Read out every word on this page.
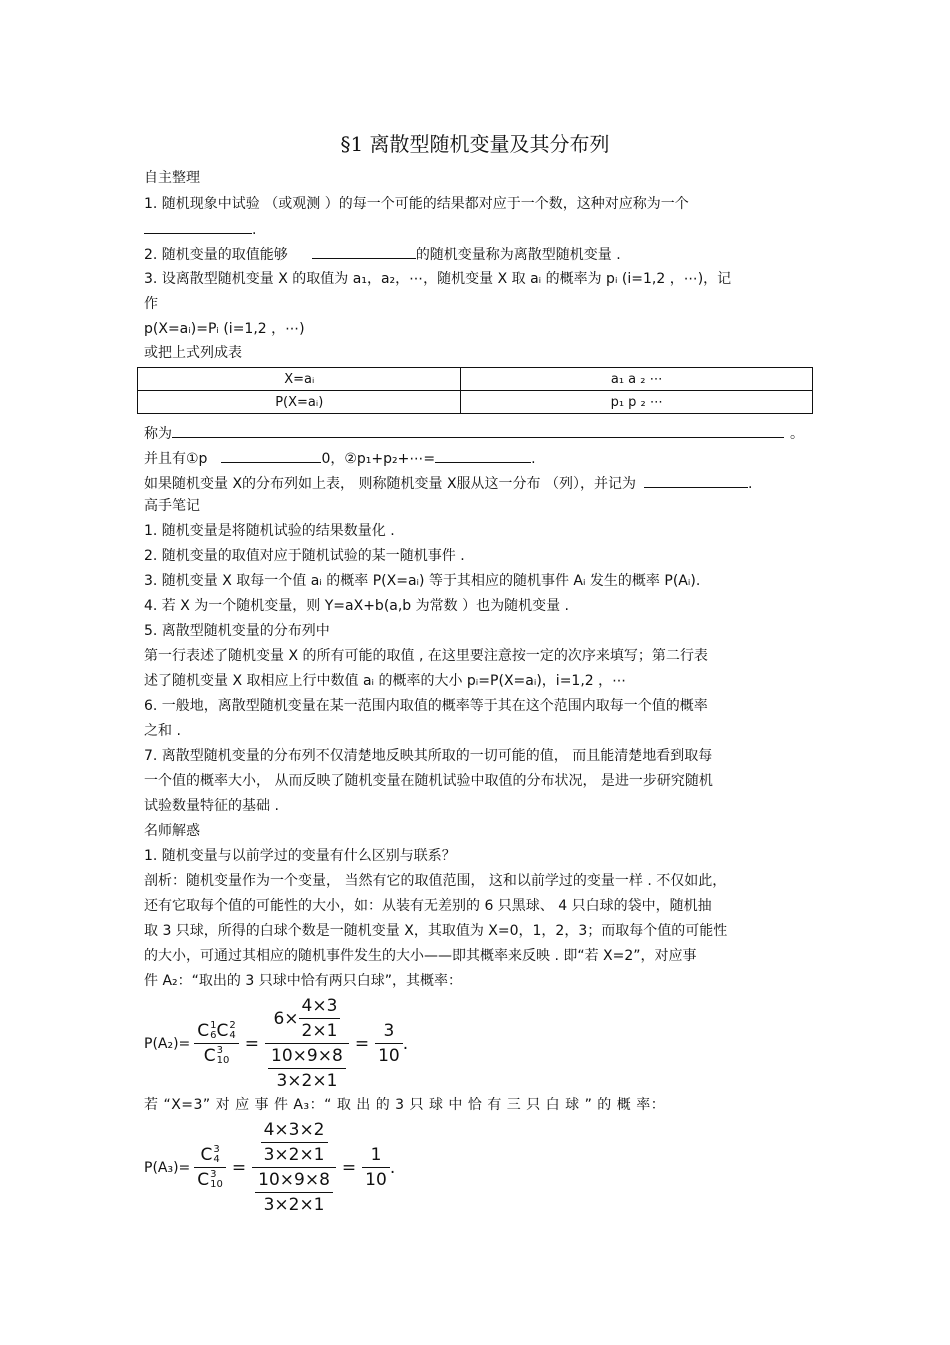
§1 离散型随机变量及其分布列
自主整理
1. 随机现象中试验 （或观测 ）的每一个可能的结果都对应于一个数，这种对应称为一个
.
2. 随机变量的取值能够	的随机变量称为离散型随机变量 .
3. 设离散型随机变量 X 的取值为 a₁，a₂，⋯，随机变量 X 取 aᵢ 的概率为 pᵢ (i=1,2 ，⋯)，记
作
p(X=aᵢ)=Pᵢ (i=1,2 ，⋯)
或把上式列成表
X=aᵢ	a₁ a ₂ ⋯
P(X=aᵢ)	p₁ p ₂ ⋯
称为	。
并且有①p	0，②p₁+p₂+⋯=	.
如果随机变量 X的分布列如上表， 则称随机变量 X服从这一分布 （列），并记为	.
高手笔记
1. 随机变量是将随机试验的结果数量化 .
2. 随机变量的取值对应于随机试验的某一随机事件 .
3. 随机变量 X 取每一个值 aᵢ 的概率 P(X=aᵢ) 等于其相应的随机事件 Aᵢ 发生的概率 P(Aᵢ).
4. 若 X 为一个随机变量，则 Y=aX+b(a,b 为常数 ）也为随机变量 .
5. 离散型随机变量的分布列中
第一行表述了随机变量 X 的所有可能的取值 , 在这里要注意按一定的次序来填写；第二行表
述了随机变量 X 取相应上行中数值 aᵢ 的概率的大小 pᵢ=P(X=aᵢ)，i=1,2 ，⋯
6. 一般地，离散型随机变量在某一范围内取值的概率等于其在这个范围内取每一个值的概率
之和 .
7. 离散型随机变量的分布列不仅清楚地反映其所取的一切可能的值， 而且能清楚地看到取每
一个值的概率大小， 从而反映了随机变量在随机试验中取值的分布状况， 是进一步研究随机
试验数量特征的基础 .
名师解惑
1. 随机变量与以前学过的变量有什么区别与联系？
剖析：随机变量作为一个变量， 当然有它的取值范围， 这和以前学过的变量一样 . 不仅如此，
还有它取每个值的可能性的大小，如：从装有无差别的 6 只黑球、 4 只白球的袋中，随机抽
取 3 只球，所得的白球个数是一随机变量 X，其取值为 X=0，1，2，3；而取每个值的可能性
的大小，可通过其相应的随机事件发生的大小——即其概率来反映 . 即“若 X=2”，对应事
件 A₂：“取出的 3 只球中恰有两只白球”，其概率：
P(A₂)= C 1
6 C 2
4
C 3
$10 = \frac{6\times \frac{4\times 3}{2\times 1}}{\frac{10\times 9\times 8}{3\times 2\times 1}} = \frac{3}{10}$ .
若 “X=3” 对 应 事 件 A₃：“ 取 出 的 3 只 球 中 恰 有 三 只 白 球 ” 的 概 率：
P(A₃)= C 3
4
C 3
$10 = \frac{\frac{4\times 3\times 2}{3\times 2\times 1}}{\frac{10\times 9\times 8}{3\times 2\times 1}} = \frac{1}{10}$ .
